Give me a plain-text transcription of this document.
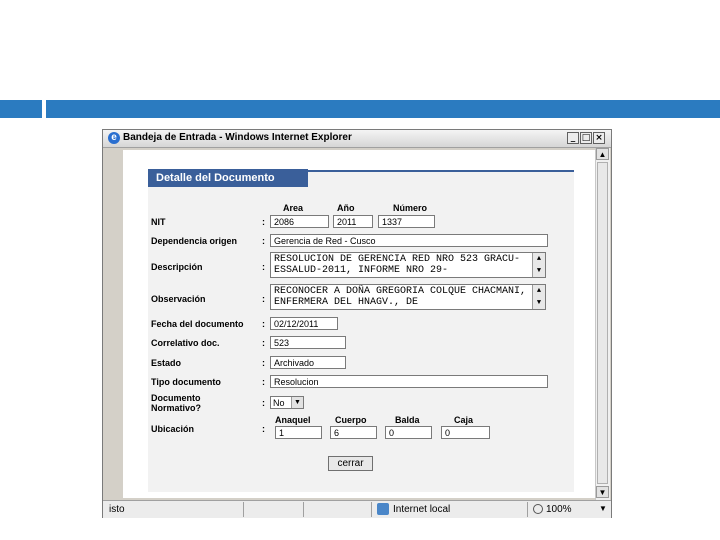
e Bandeja de Entrada - Windows Internet Explorer	_ □ ×
Detalle del Documento
Area	Año	Número
NIT	:	2086	2011	1337
Dependencia origen	:	Gerencia de Red - Cusco
Descripción	:
RESOLUCION DE GERENCIA RED NRO 523 GRACU-ESSALUD-2011, INFORME NRO 29-
▲
▼
Observación	:
RECONOCER A DOÑA GREGORIA COLQUE CHACMANI, ENFERMERA DEL HNAGV., DE
▲
▼
Fecha del documento :	02/12/2011
Correlativo doc.	:	523
Estado	:	Archivado
Tipo documento	:	Resolucion
Documento
Normativo?	: No	▼
Anaquel	Cuerpo	Balda	Caja
Ubicación	:	1	6	0	0
cerrar
▲
▼
isto	Internet local	100%	▼
